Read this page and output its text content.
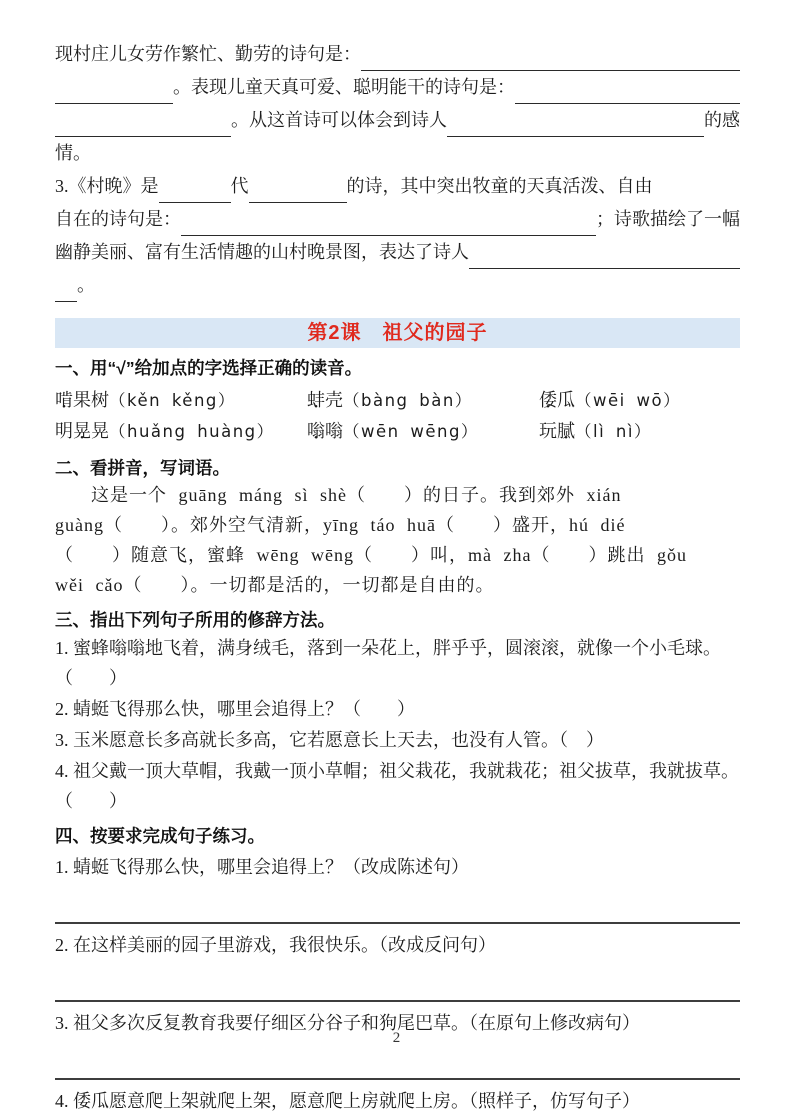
现村庄儿女劳作繁忙、勤劳的诗句是：
。表现儿童天真可爱、聪明能干的诗句是：
。从这首诗可以体会到诗人	的感
情。
3.《村晚》是	代	的诗，其中突出牧童的天真活泼、自由
自在的诗句是：	；诗歌描绘了一幅
幽静美丽、富有生活情趣的山村晚景图，表达了诗人
。
第2课　祖父的园子
一、用“√”给加点的字选择正确的读音。
啃 •果树（kěn kěng）	蚌 •壳（bàng bàn）	倭 •瓜（wēi wō）
明晃 •晃（huǎng huàng）	嗡 •嗡（wēn wēng）	玩腻 •（lì nì）
二、看拼音，写词语。
这是一个 guāng máng sì shè（　　）的日子。我到郊外 xián
guàng（　　）。郊外空气清新，yīng táo huā（　　）盛开，hú dié
（　　）随意飞，蜜蜂 wēng wēng（　　）叫，mà zha（　　）跳出 gǒu
wěi cǎo（　　）。一切都是活的，一切都是自由的。
三、指出下列句子所用的修辞方法。
1. 蜜蜂嗡嗡地飞着，满身绒毛，落到一朵花上，胖乎乎，圆滚滚，就像一个小毛球。（　　）
2. 蜻蜓飞得那么快，哪里会追得上？（　　）
3. 玉米愿意长多高就长多高，它若愿意长上天去，也没有人管。（　）
4. 祖父戴一顶大草帽，我戴一顶小草帽；祖父栽花，我就栽花；祖父拔草，我就拔草。（　　）
四、按要求完成句子练习。
1. 蜻蜓飞得那么快，哪里会追得上？（改成陈述句）
2. 在这样美丽的园子里游戏，我很快乐。（改成反问句）
3. 祖父多次反复教育我要仔细区分谷子和狗尾巴草。（在原句上修改病句）
4. 倭瓜愿意爬上架就爬上架，愿意爬上房就爬上房。（照样子，仿写句子）
2
